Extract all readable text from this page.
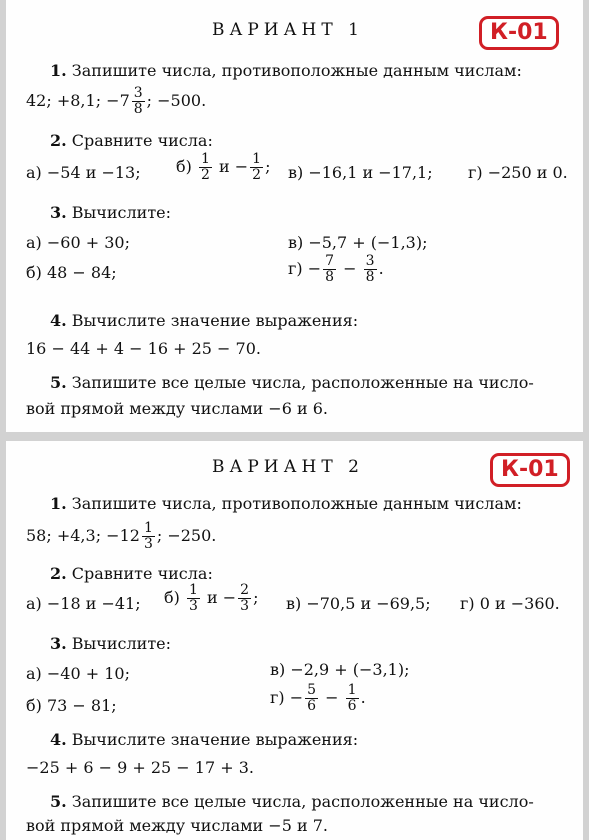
ВАРИАНТ 1	К-01
1. Запишите числа, противоположные данным числам:
42; +8,1; $-7 \frac{3}{8}$ ; −500.
2. Сравните числа:
а) −54 и −13; $б) \frac{1}{2}$ $и - \frac{1}{2}$ ; в) −16,1 и −17,1; г) −250 и 0.
3. Вычислите:
а) −60 + 30;	в) −5,7 + (−1,3);
б) 48 − 84;	$г) - \frac{7}{8} - \frac{3}{8}$ .
4. Вычислите значение выражения:
16 − 44 + 4 − 16 + 25 − 70.
5. Запишите все целые числа, расположенные на число-
вой прямой между числами −6 и 6.
ВАРИАНТ 2	К-01
1. Запишите числа, противоположные данным числам:
58; +4,3; $-12 \frac{1}{3}$ ; −250.
2. Сравните числа:
а) −18 и −41; $б) \frac{1}{3}$ $и - \frac{2}{3}$ ; в) −70,5 и −69,5; г) 0 и −360.
3. Вычислите:
а) −40 + 10;	в) −2,9 + (−3,1);
б) 73 − 81;	$г) - \frac{5}{6} - \frac{1}{6}$ .
4. Вычислите значение выражения:
−25 + 6 − 9 + 25 − 17 + 3.
5. Запишите все целые числа, расположенные на число-
вой прямой между числами −5 и 7.
